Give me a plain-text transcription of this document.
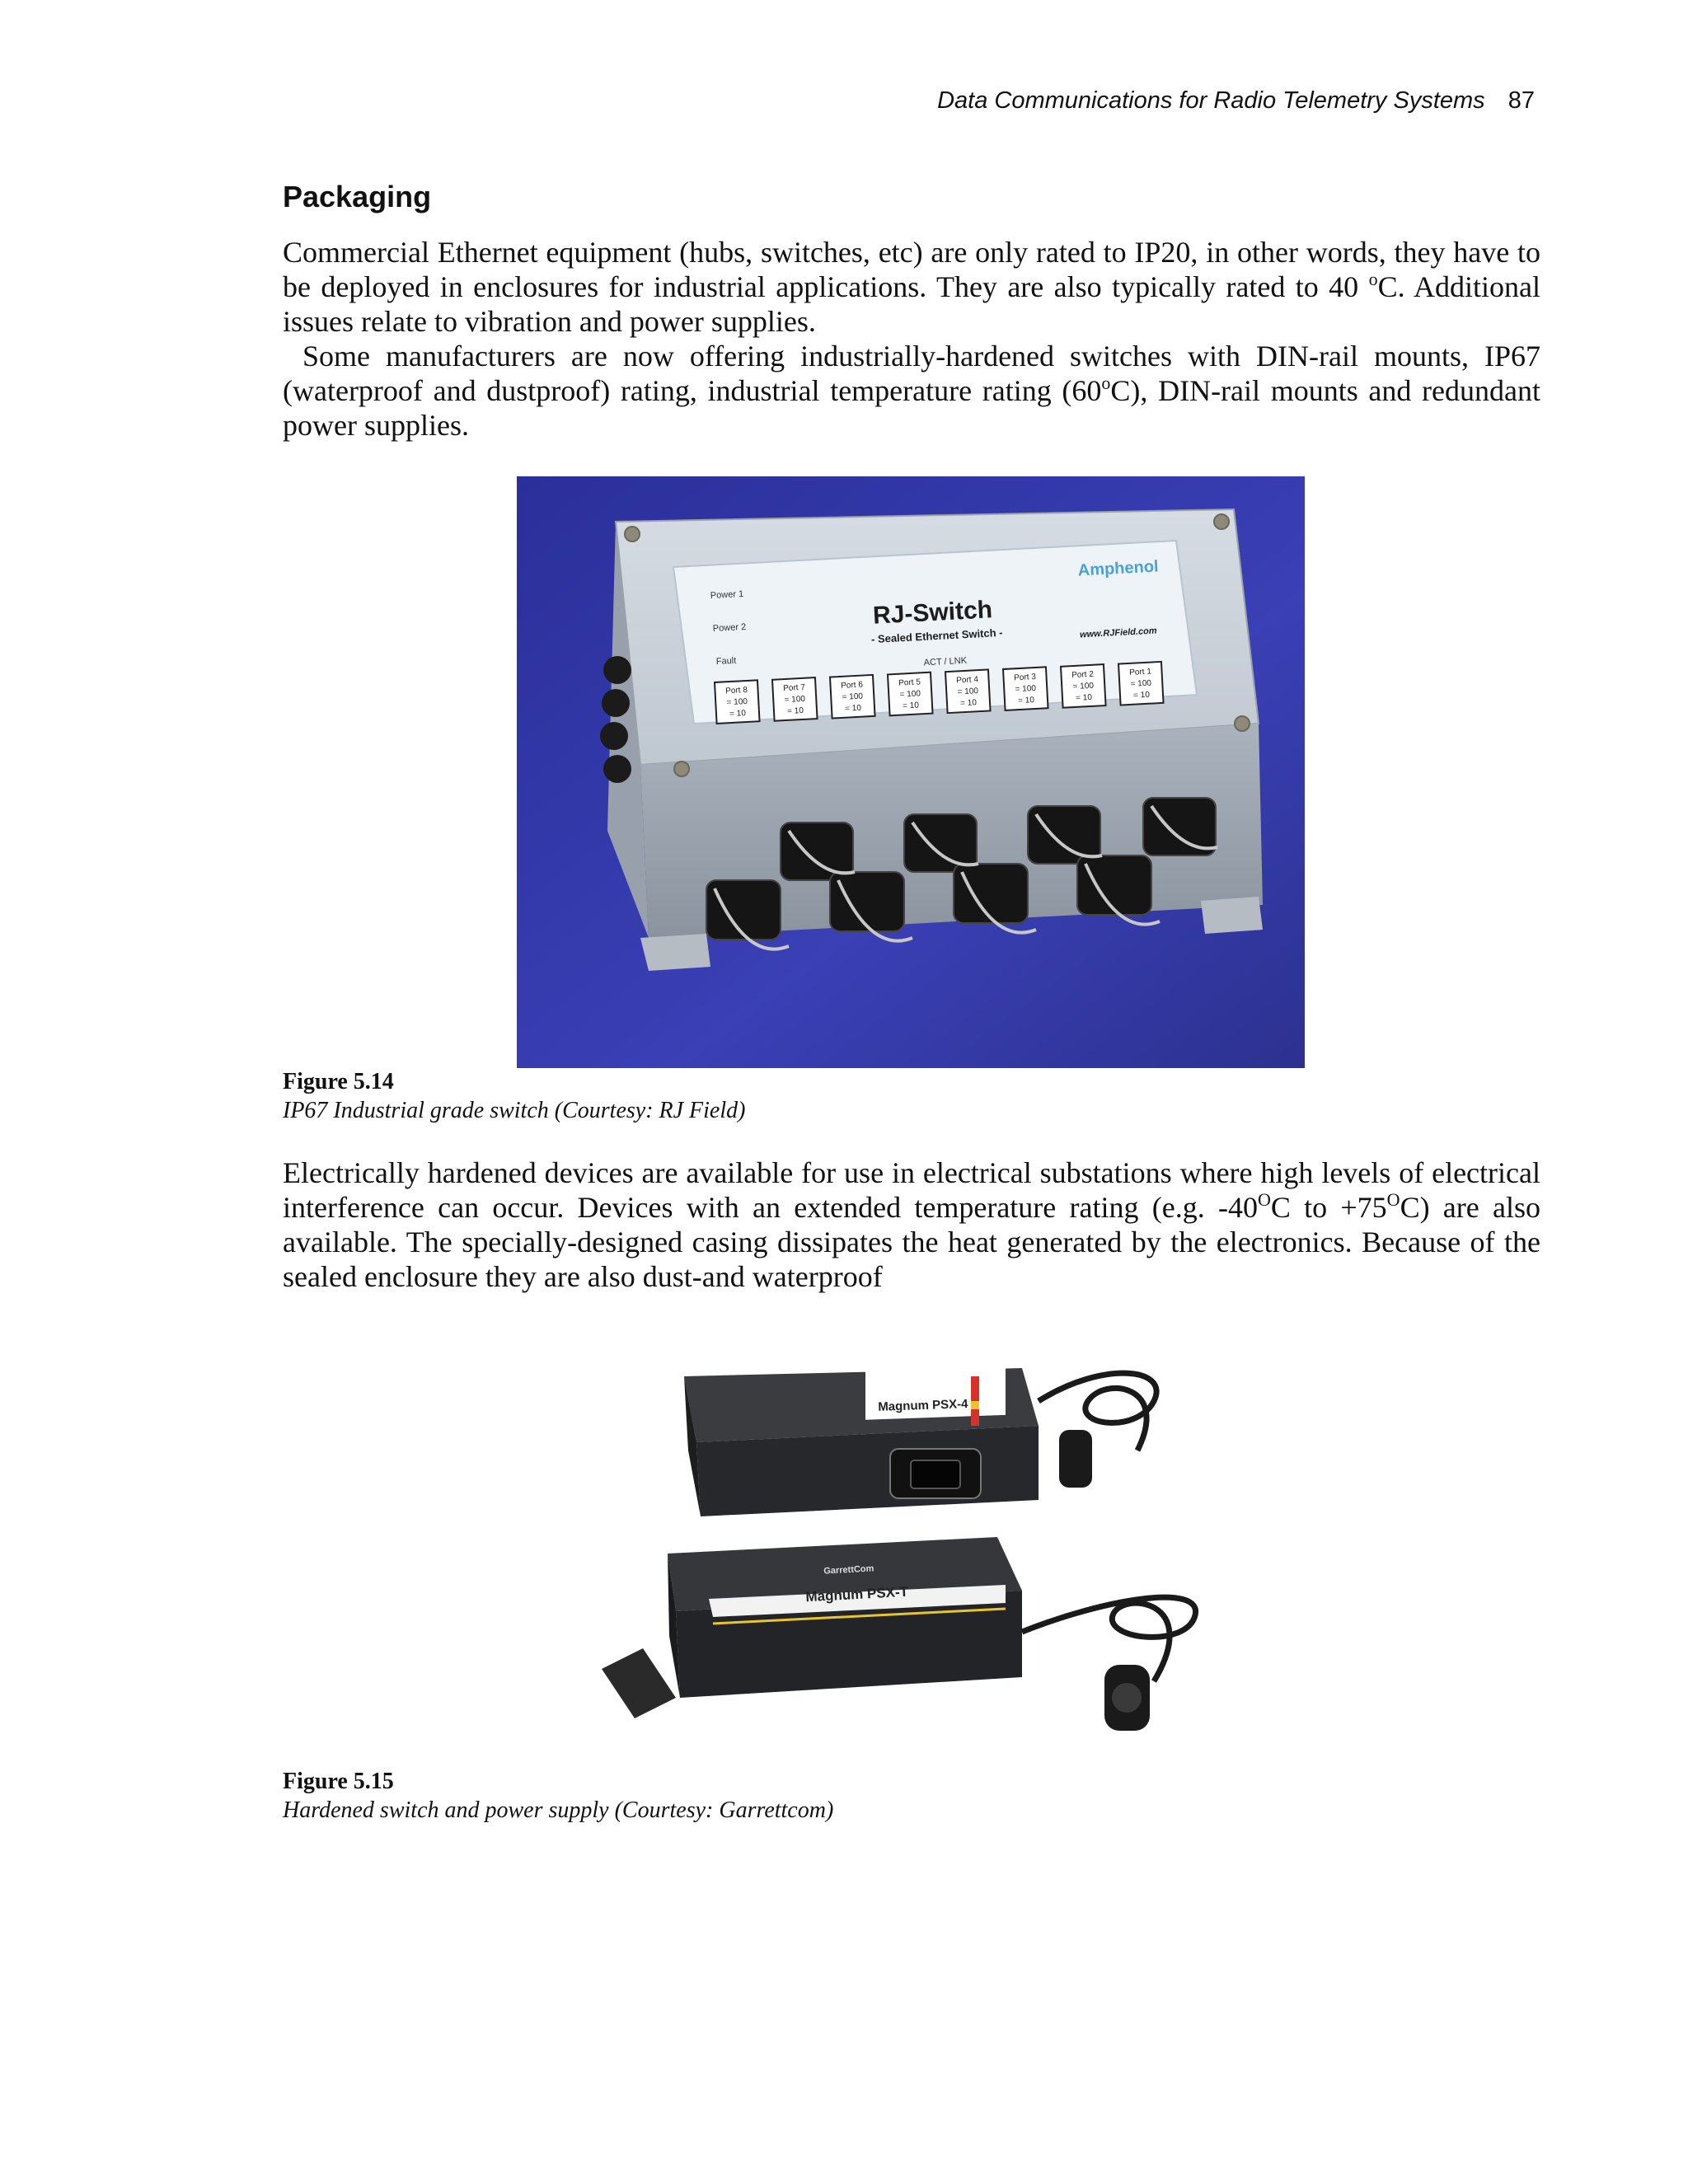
Data Communications for Radio Telemetry Systems 87
Packaging

Commercial Ethernet equipment (hubs, switches, etc) are only rated to IP20, in other words, they have to be deployed in enclosures for industrial applications. They are also typically rated to 40 $^o$C. Additional issues relate to vibration and power supplies.

Some manufacturers are now offering industrially-hardened switches with DIN-rail mounts, IP67 (waterproof and dustproof) rating, industrial temperature rating (60$^o$C), DIN-rail mounts and redundant power supplies.

Amphenol
RJ-Switch
- Sealed Ethernet Switch -	www.RJField.com
Power 1
Power 2
Fault	ACT / LNK
Port 8
= 100
= 10
Port 7
= 100
= 10
Port 6
= 100
= 10
Port 5
= 100
= 10
Port 4
= 100
= 10
Port 3
= 100
= 10
Port 2
= 100
= 10
Port 1
= 100
= 10
Figure 5.14
IP67 Industrial grade switch (Courtesy: RJ Field)

Electrically hardened devices are available for use in electrical substations where high levels of electrical interference can occur. Devices with an extended temperature rating (e.g. $-40^OC$ to $+75^OC$) are also available. The specially-designed casing dissipates the heat generated by the electronics. Because of the sealed enclosure they are also dust-and waterproof

Magnum PSX-4
GarrettCom
Magnum PSX-T
Figure 5.15
Hardened switch and power supply (Courtesy: Garrettcom)
